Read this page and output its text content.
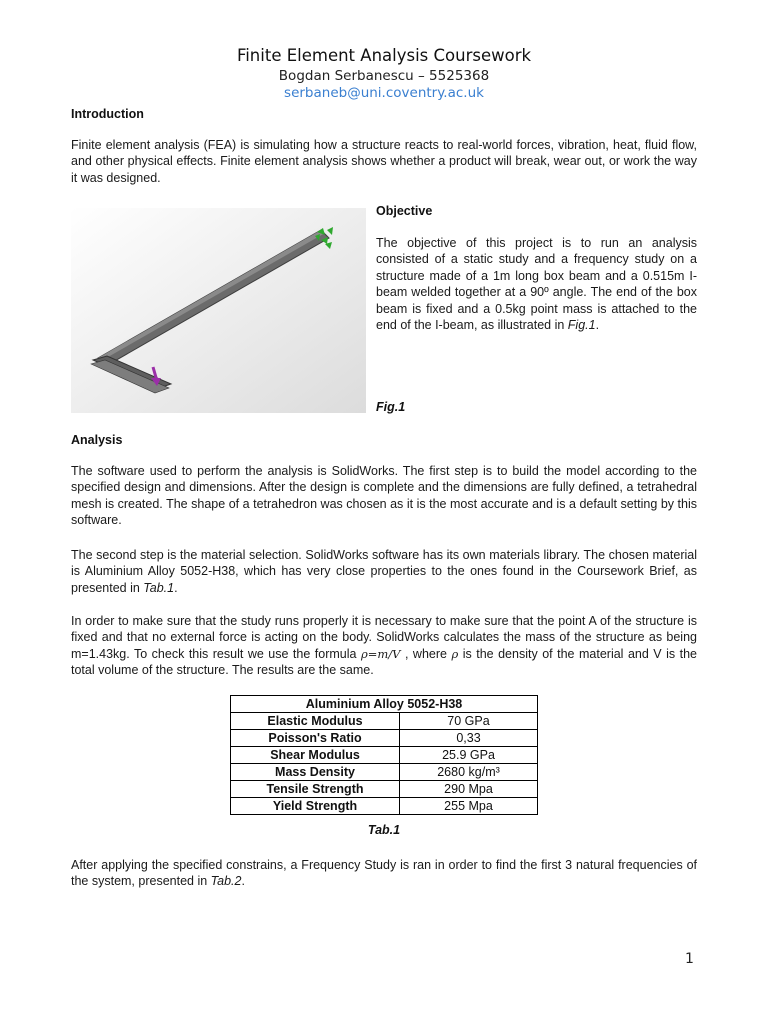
Finite Element Analysis Coursework
Bogdan Serbanescu – 5525368
serbaneb@uni.coventry.ac.uk
Introduction
Finite element analysis (FEA) is simulating how a structure reacts to real-world forces, vibration, heat, fluid flow, and other physical effects. Finite element analysis shows whether a product will break, wear out, or work the way it was designed.
Objective
The objective of this project is to run an analysis consisted of a static study and a frequency study on a structure made of a 1m long box beam and a 0.515m I-beam welded together at a 90º angle. The end of the box beam is fixed and a 0.5kg point mass is attached to the end of the I-beam, as illustrated in Fig.1.
Fig.1
Analysis
The software used to perform the analysis is SolidWorks. The first step is to build the model according to the specified design and dimensions. After the design is complete and the dimensions are fully defined, a tetrahedral mesh is created. The shape of a tetrahedron was chosen as it is the most accurate and is a default setting by this software.
The second step is the material selection. SolidWorks software has its own materials library. The chosen material is Aluminium Alloy 5052-H38, which has very close properties to the ones found in the Coursework Brief, as presented in Tab.1.
In order to make sure that the study runs properly it is necessary to make sure that the point A of the structure is fixed and that no external force is acting on the body. SolidWorks calculates the mass of the structure as being m=1.43kg. To check this result we use the formula ρ=m/V , where ρ is the density of the material and V is the total volume of the structure. The results are the same.
Aluminium Alloy 5052-H38	
Elastic Modulus	70 GPa
Poisson's Ratio	0,33
Shear Modulus	25.9 GPa
Mass Density	2680 kg/m³
Tensile Strength	290 Mpa
Yield Strength	255 Mpa
Tab.1
After applying the specified constrains, a Frequency Study is ran in order to find the first 3 natural frequencies of the system, presented in Tab.2.
1
